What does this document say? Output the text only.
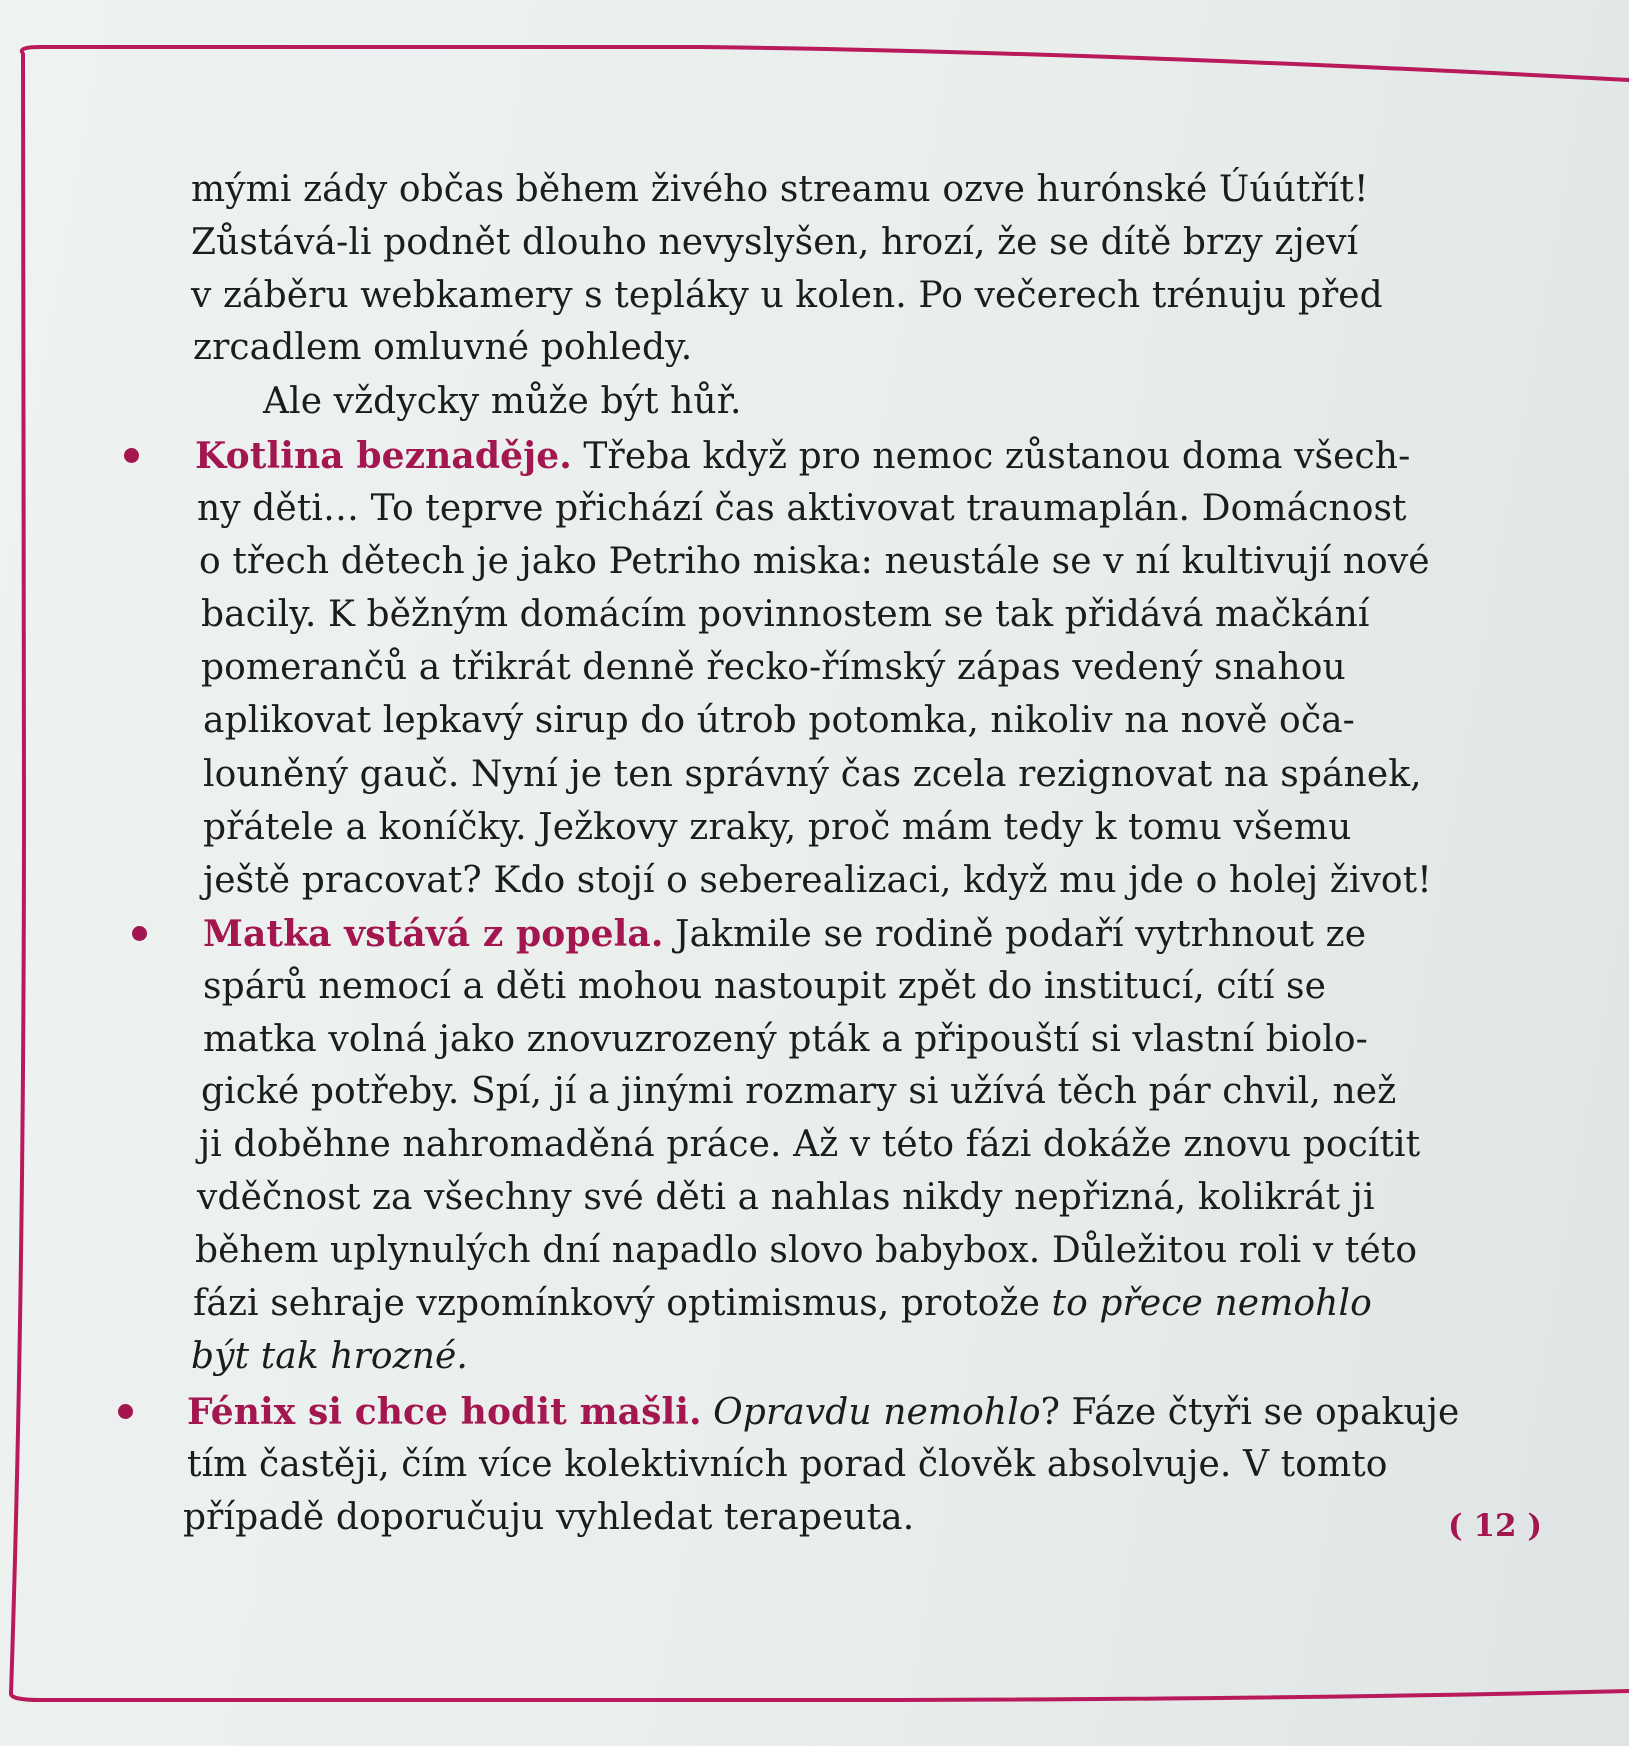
mými zády občas během živého streamu ozve hurónské Úúútřít!
Zůstává-li podnět dlouho nevyslyšen, hrozí, že se dítě brzy zjeví
v záběru webkamery s tepláky u kolen. Po večerech trénuju před
zrcadlem omluvné pohledy.
Ale vždycky může být hůř.
Kotlina beznaděje. Třeba když pro nemoc zůstanou doma všech-
ny děti… To teprve přichází čas aktivovat traumaplán. Domácnost
o třech dětech je jako Petriho miska: neustále se v ní kultivují nové
bacily. K běžným domácím povinnostem se tak přidává mačkání
pomerančů a třikrát denně řecko-římský zápas vedený snahou
aplikovat lepkavý sirup do útrob potomka, nikoliv na nově oča-
louněný gauč. Nyní je ten správný čas zcela rezignovat na spánek,
přátele a koníčky. Ježkovy zraky, proč mám tedy k tomu všemu
ještě pracovat? Kdo stojí o seberealizaci, když mu jde o holej život!
Matka vstává z popela. Jakmile se rodině podaří vytrhnout ze
spárů nemocí a děti mohou nastoupit zpět do institucí, cítí se
matka volná jako znovuzrozený pták a připouští si vlastní biolo-
gické potřeby. Spí, jí a jinými rozmary si užívá těch pár chvil, než
ji doběhne nahromaděná práce. Až v této fázi dokáže znovu pocítit
vděčnost za všechny své děti a nahlas nikdy nepřizná, kolikrát ji
během uplynulých dní napadlo slovo babybox. Důležitou roli v této
fázi sehraje vzpomínkový optimismus, protože to přece nemohlo
být tak hrozné.
Fénix si chce hodit mašli. Opravdu nemohlo? Fáze čtyři se opakuje
tím častěji, čím více kolektivních porad člověk absolvuje. V tomto
případě doporučuju vyhledat terapeuta.	( 12 )
